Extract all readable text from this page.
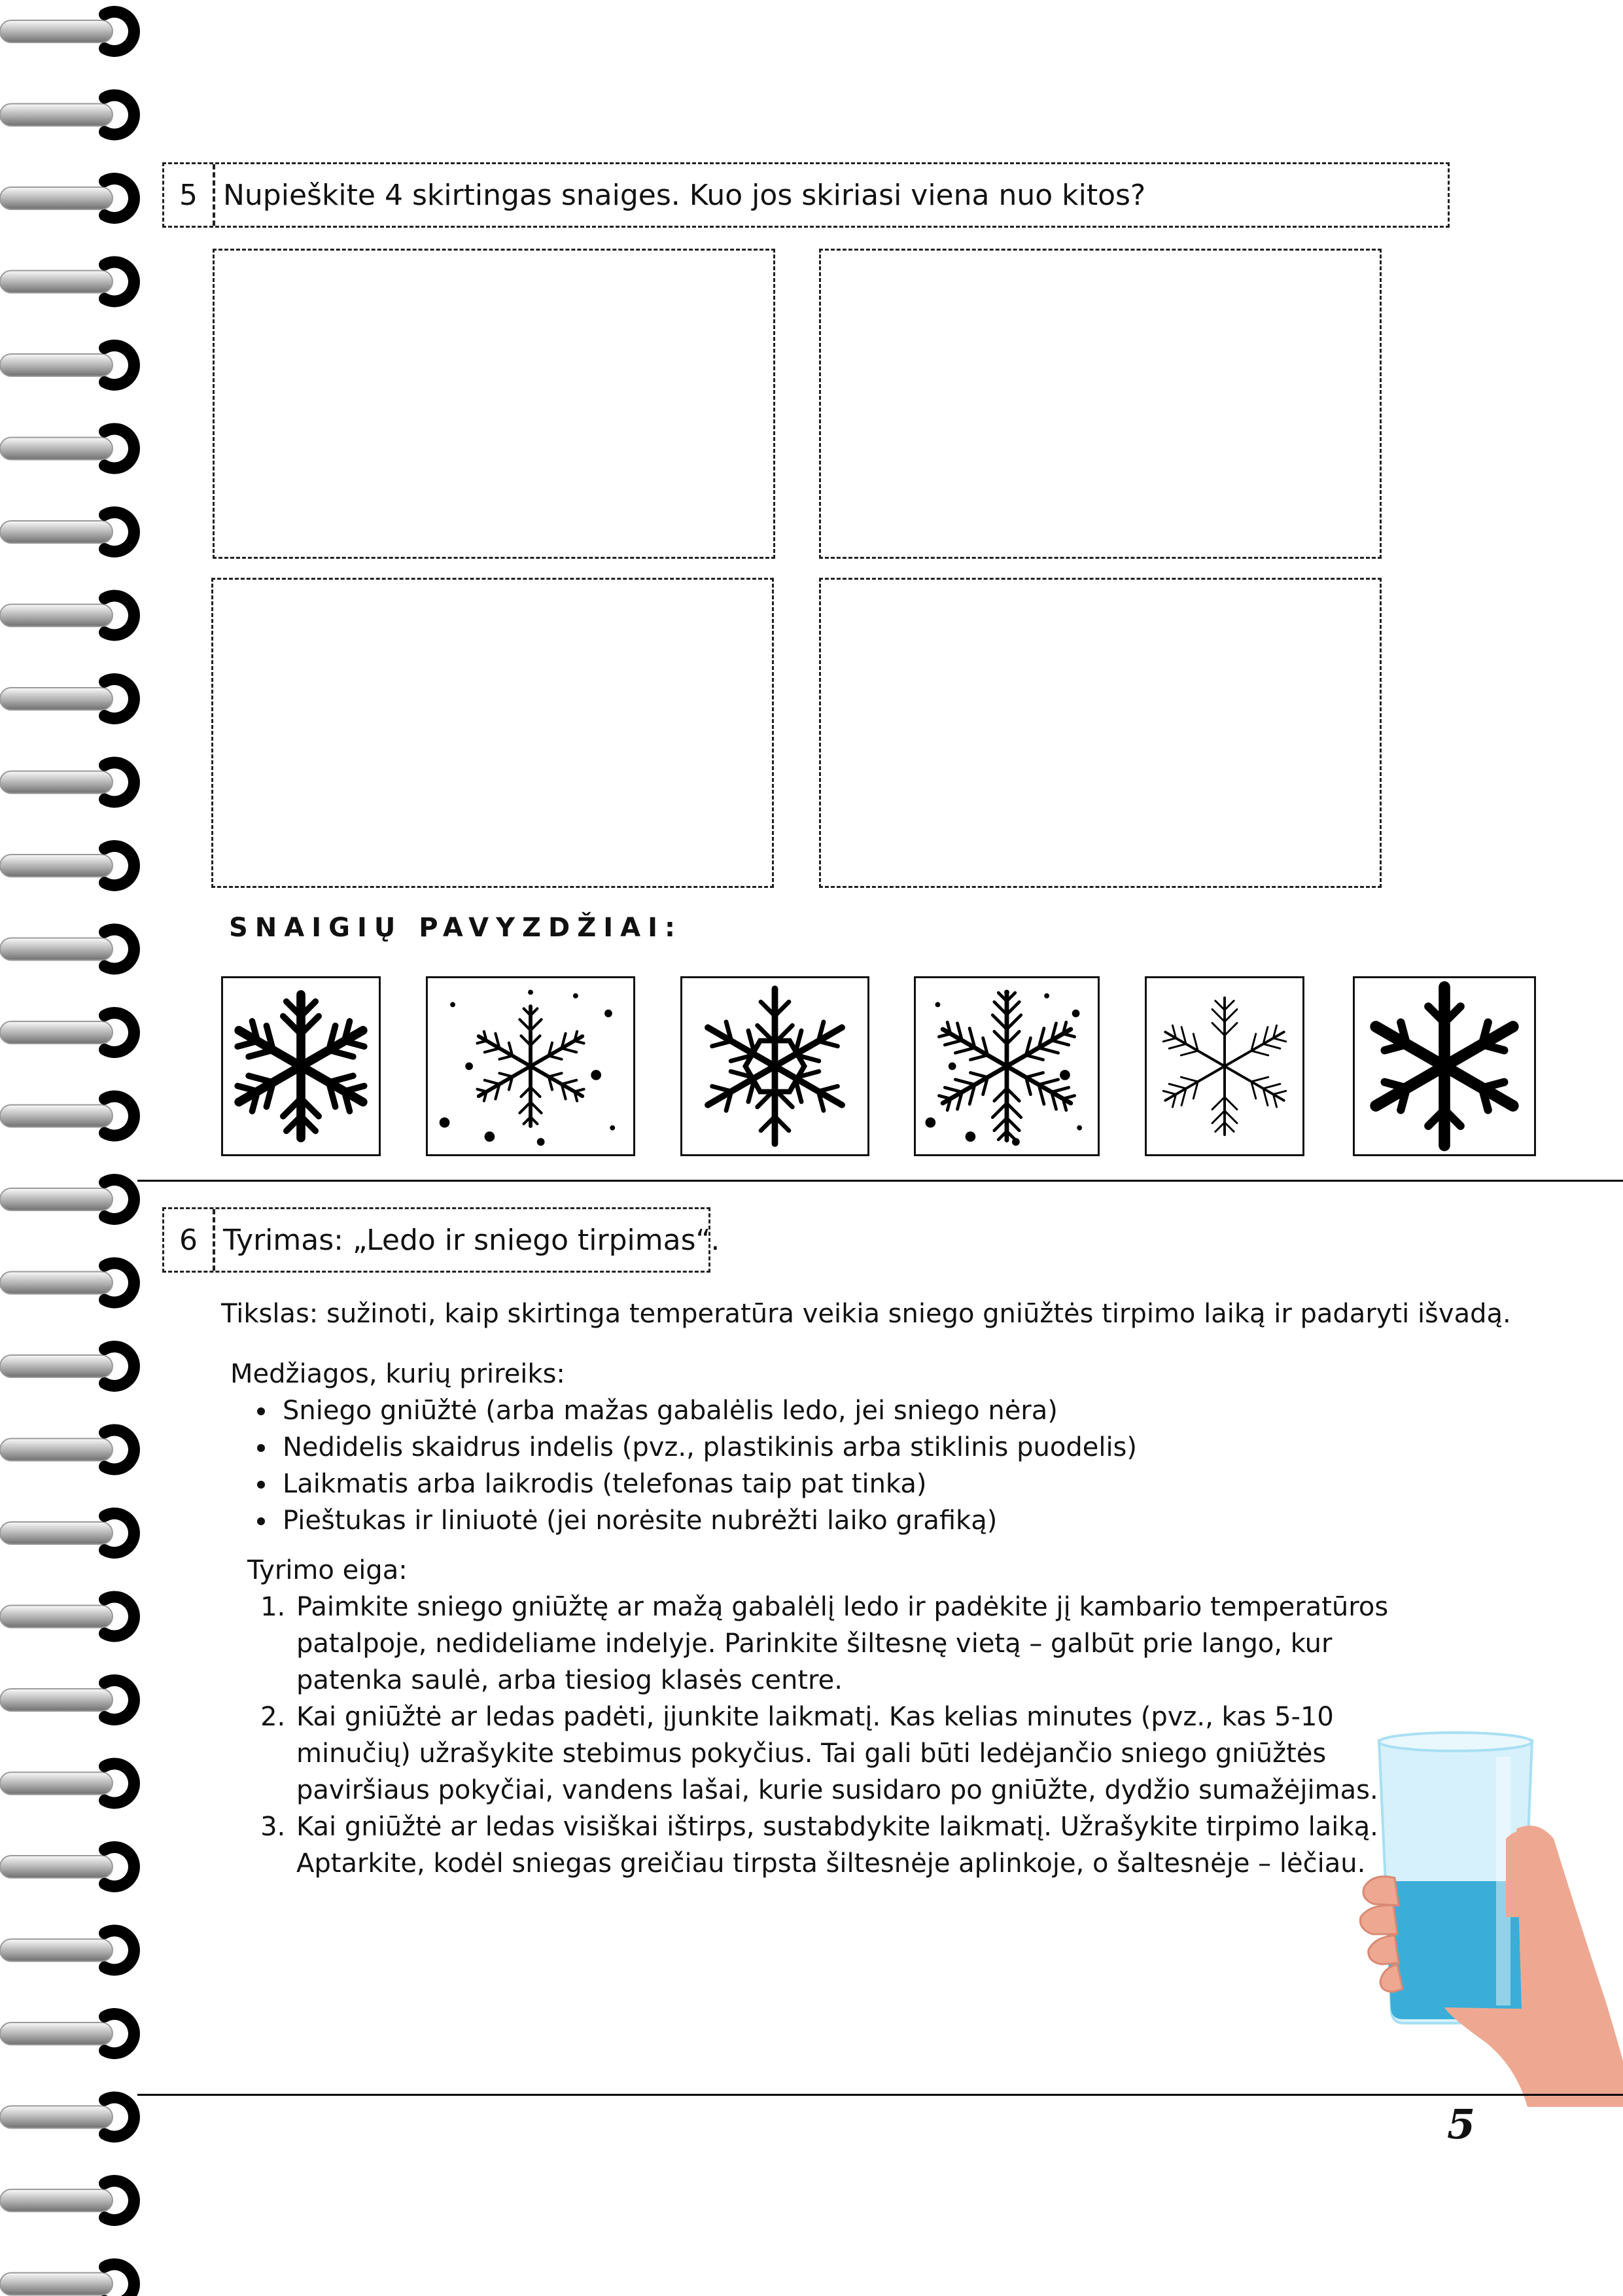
5 Nupieškite 4 skirtingas snaiges. Kuo jos skiriasi viena nuo kitos?
SNAIGIŲ PAVYZDŽIAI:
6 Tyrimas: „Ledo ir sniego tirpimas“.
Tikslas: sužinoti, kaip skirtinga temperatūra veikia sniego gniūžtės tirpimo laiką ir padaryti išvadą.
Medžiagos, kurių prireiks:
• Sniego gniūžtė (arba mažas gabalėlis ledo, jei sniego nėra)
• Nedidelis skaidrus indelis (pvz., plastikinis arba stiklinis puodelis)
• Laikmatis arba laikrodis (telefonas taip pat tinka)
• Pieštukas ir liniuotė (jei norėsite nubrėžti laiko grafiką)
Tyrimo eiga:
1. Paimkite sniego gniūžtę ar mažą gabalėlį ledo ir padėkite jį kambario temperatūros patalpoje, nedideliame indelyje. Parinkite šiltesnę vietą – galbūt prie lango, kur patenka saulė, arba tiesiog klasės centre.
2. Kai gniūžtė ar ledas padėti, įjunkite laikmatį. Kas kelias minutes (pvz., kas 5-10 minučių) užrašykite stebimus pokyčius. Tai gali būti ledėjančio sniego gniūžtės paviršiaus pokyčiai, vandens lašai, kurie susidaro po gniūžte, dydžio sumažėjimas.
3. Kai gniūžtė ar ledas visiškai ištirps, sustabdykite laikmatį. Užrašykite tirpimo laiką. Aptarkite, kodėl sniegas greičiau tirpsta šiltesnėje aplinkoje, o šaltesnėje – lėčiau.
5
